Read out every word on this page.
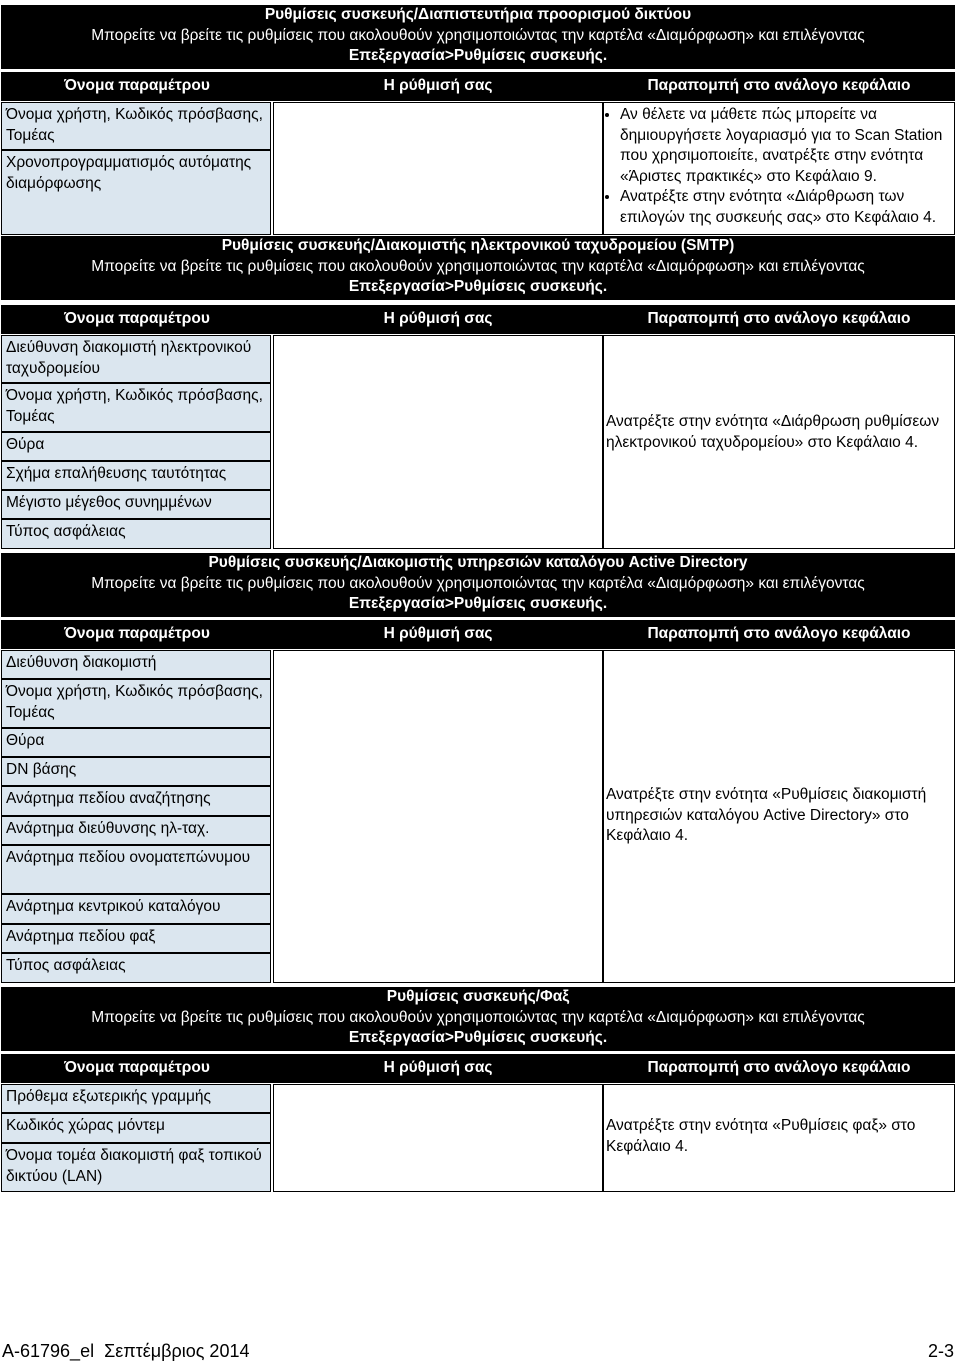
Ρυθμίσεις συσκευής/Διαπιστευτήρια προορισμού δικτύου
Μπορείτε να βρείτε τις ρυθμίσεις που ακολουθούν χρησιμοποιώντας την καρτέλα «Διαμόρφωση» και επιλέγοντας
Επεξεργασία>Ρυθμίσεις συσκευής.
Όνομα παραμέτρου	Η ρύθμισή σας	Παραπομπή στο ανάλογο κεφάλαιο
Όνομα χρήστη, Κωδικός πρόσβασης, Τομέας
Χρονοπρογραμματισμός αυτόματης διαμόρφωσης
• Αν θέλετε να μάθετε πώς μπορείτε να δημιουργήσετε λογαριασμό για το Scan Station που χρησιμοποιείτε, ανατρέξτε στην ενότητα «Άριστες πρακτικές» στο Κεφάλαιο 9.
• Ανατρέξτε στην ενότητα «Διάρθρωση των επιλογών της συσκευής σας» στο Κεφάλαιο 4.
Ρυθμίσεις συσκευής/Διακομιστής ηλεκτρονικού ταχυδρομείου (SMTP)
Μπορείτε να βρείτε τις ρυθμίσεις που ακολουθούν χρησιμοποιώντας την καρτέλα «Διαμόρφωση» και επιλέγοντας
Επεξεργασία>Ρυθμίσεις συσκευής.
Όνομα παραμέτρου	Η ρύθμισή σας	Παραπομπή στο ανάλογο κεφάλαιο
Διεύθυνση διακομιστή ηλεκτρονικού ταχυδρομείου
Όνομα χρήστη, Κωδικός πρόσβασης, Τομέας
Θύρα
Σχήμα επαλήθευσης ταυτότητας
Μέγιστο μέγεθος συνημμένων
Τύπος ασφάλειας
Ανατρέξτε στην ενότητα «Διάρθρωση ρυθμίσεων ηλεκτρονικού ταχυδρομείου» στο Κεφάλαιο 4.
Ρυθμίσεις συσκευής/Διακομιστής υπηρεσιών καταλόγου Active Directory
Μπορείτε να βρείτε τις ρυθμίσεις που ακολουθούν χρησιμοποιώντας την καρτέλα «Διαμόρφωση» και επιλέγοντας
Επεξεργασία>Ρυθμίσεις συσκευής.
Όνομα παραμέτρου	Η ρύθμισή σας	Παραπομπή στο ανάλογο κεφάλαιο
Διεύθυνση διακομιστή
Όνομα χρήστη, Κωδικός πρόσβασης, Τομέας
Θύρα
DN βάσης
Ανάρτημα πεδίου αναζήτησης
Ανάρτημα διεύθυνσης ηλ-ταχ.
Ανάρτημα πεδίου ονοματεπώνυμου
Ανάρτημα κεντρικού καταλόγου
Ανάρτημα πεδίου φαξ
Τύπος ασφάλειας
Ανατρέξτε στην ενότητα «Ρυθμίσεις διακομιστή υπηρεσιών καταλόγου Active Directory» στο Κεφάλαιο 4.
Ρυθμίσεις συσκευής/Φαξ
Μπορείτε να βρείτε τις ρυθμίσεις που ακολουθούν χρησιμοποιώντας την καρτέλα «Διαμόρφωση» και επιλέγοντας
Επεξεργασία>Ρυθμίσεις συσκευής.
Όνομα παραμέτρου	Η ρύθμισή σας	Παραπομπή στο ανάλογο κεφάλαιο
Πρόθεμα εξωτερικής γραμμής
Κωδικός χώρας μόντεμ
Όνομα τομέα διακομιστή φαξ τοπικού δικτύου (LAN)
Ανατρέξτε στην ενότητα «Ρυθμίσεις φαξ» στο Κεφάλαιο 4.
A-61796_el  Σεπτέμβριος 2014	2-3
